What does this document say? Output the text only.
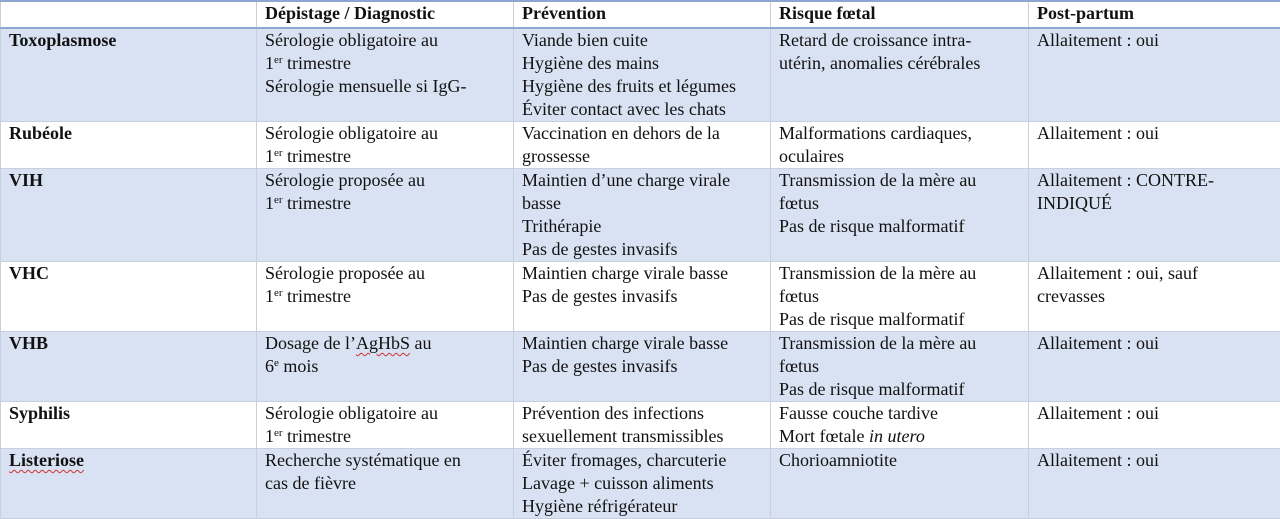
	Dépistage / Diagnostic	Prévention	Risque fœtal	Post-partum
Toxoplasmose	Sérologie obligatoire au
1er trimestre
Sérologie mensuelle si IgG-	Viande bien cuite
Hygiène des mains
Hygiène des fruits et légumes
Éviter contact avec les chats	Retard de croissance intra-
utérin, anomalies cérébrales	Allaitement : oui

Rubéole	Sérologie obligatoire au
1er trimestre	Vaccination en dehors de la
grossesse	Malformations cardiaques,
oculaires	Allaitement : oui

VIH	Sérologie proposée au
1er trimestre	Maintien d’une charge virale
basse
Trithérapie
Pas de gestes invasifs	Transmission de la mère au
fœtus
Pas de risque malformatif	Allaitement : CONTRE-
INDIQUÉ

VHC	Sérologie proposée au
1er trimestre	Maintien charge virale basse
Pas de gestes invasifs	Transmission de la mère au
fœtus
Pas de risque malformatif	Allaitement : oui, sauf
crevasses

VHB	Dosage de l’AgHbS au
6e mois	Maintien charge virale basse
Pas de gestes invasifs	Transmission de la mère au
fœtus
Pas de risque malformatif	Allaitement : oui

Syphilis	Sérologie obligatoire au
1er trimestre	Prévention des infections
sexuellement transmissibles	Fausse couche tardive
Mort fœtale in utero	Allaitement : oui

Listeriose	Recherche systématique en
cas de fièvre	Éviter fromages, charcuterie
Lavage + cuisson aliments
Hygiène réfrigérateur	Chorioamniotite	Allaitement : oui
